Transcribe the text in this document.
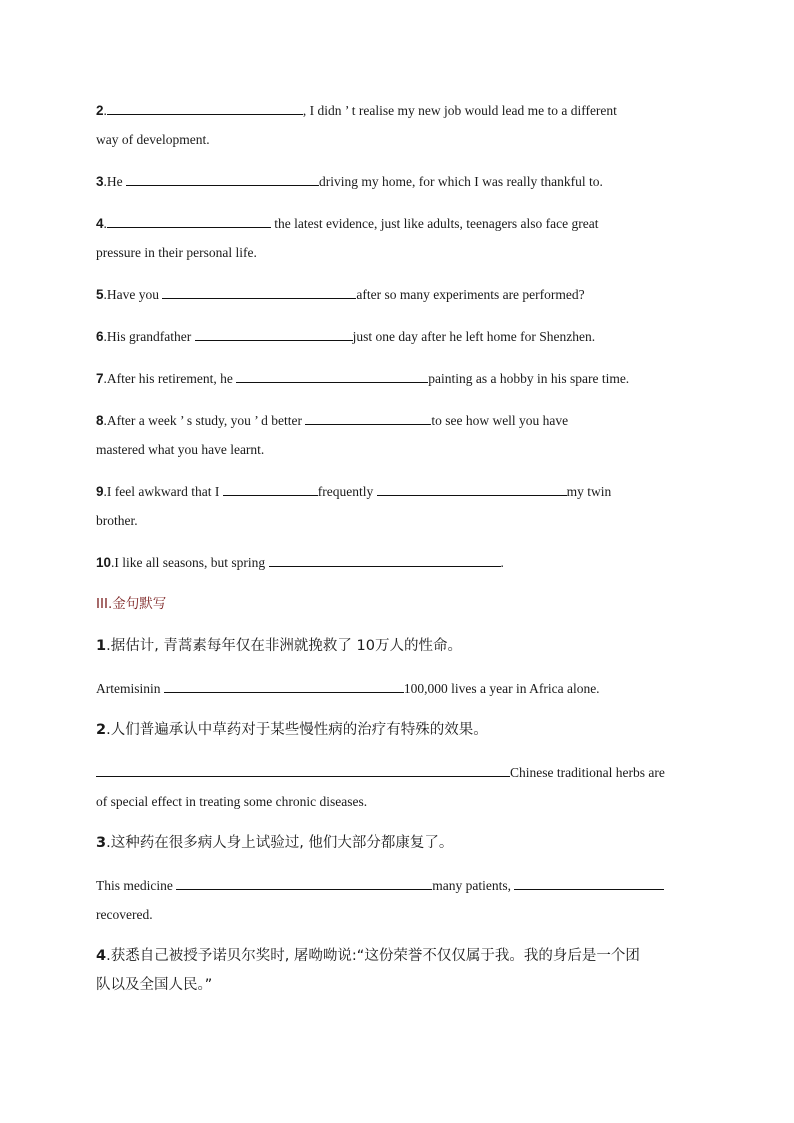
2.	, I didn ’ t realise my new job would lead me to a different
way of development.
3.He	driving my home, for which I was really thankful to.
4.	the latest evidence, just like adults, teenagers also face great
pressure in their personal life.
5.Have you	after so many experiments are performed?
6.His grandfather	just one day after he left home for Shenzhen.
7.After his retirement, he	painting as a hobby in his spare time.
8.After a week ’ s study, you ’ d better	to see how well you have
mastered what you have learnt.
9.I feel awkward that I	frequently	my twin
brother.
10.I like all seasons, but spring	.
III.金句默写
1.据估计, 青蒿素每年仅在非洲就挽救了 10万人的性命。
Artemisinin	100,000 lives a year in Africa alone.
2.人们普遍承认中草药对于某些慢性病的治疗有特殊的效果。
Chinese traditional herbs are
of special effect in treating some chronic diseases.
3.这种药在很多病人身上试验过, 他们大部分都康复了。
This medicine	many patients,
recovered.
4.获悉自己被授予诺贝尔奖时, 屠呦呦说:“这份荣誉不仅仅属于我。我的身后是一个团
队以及全国人民。”
